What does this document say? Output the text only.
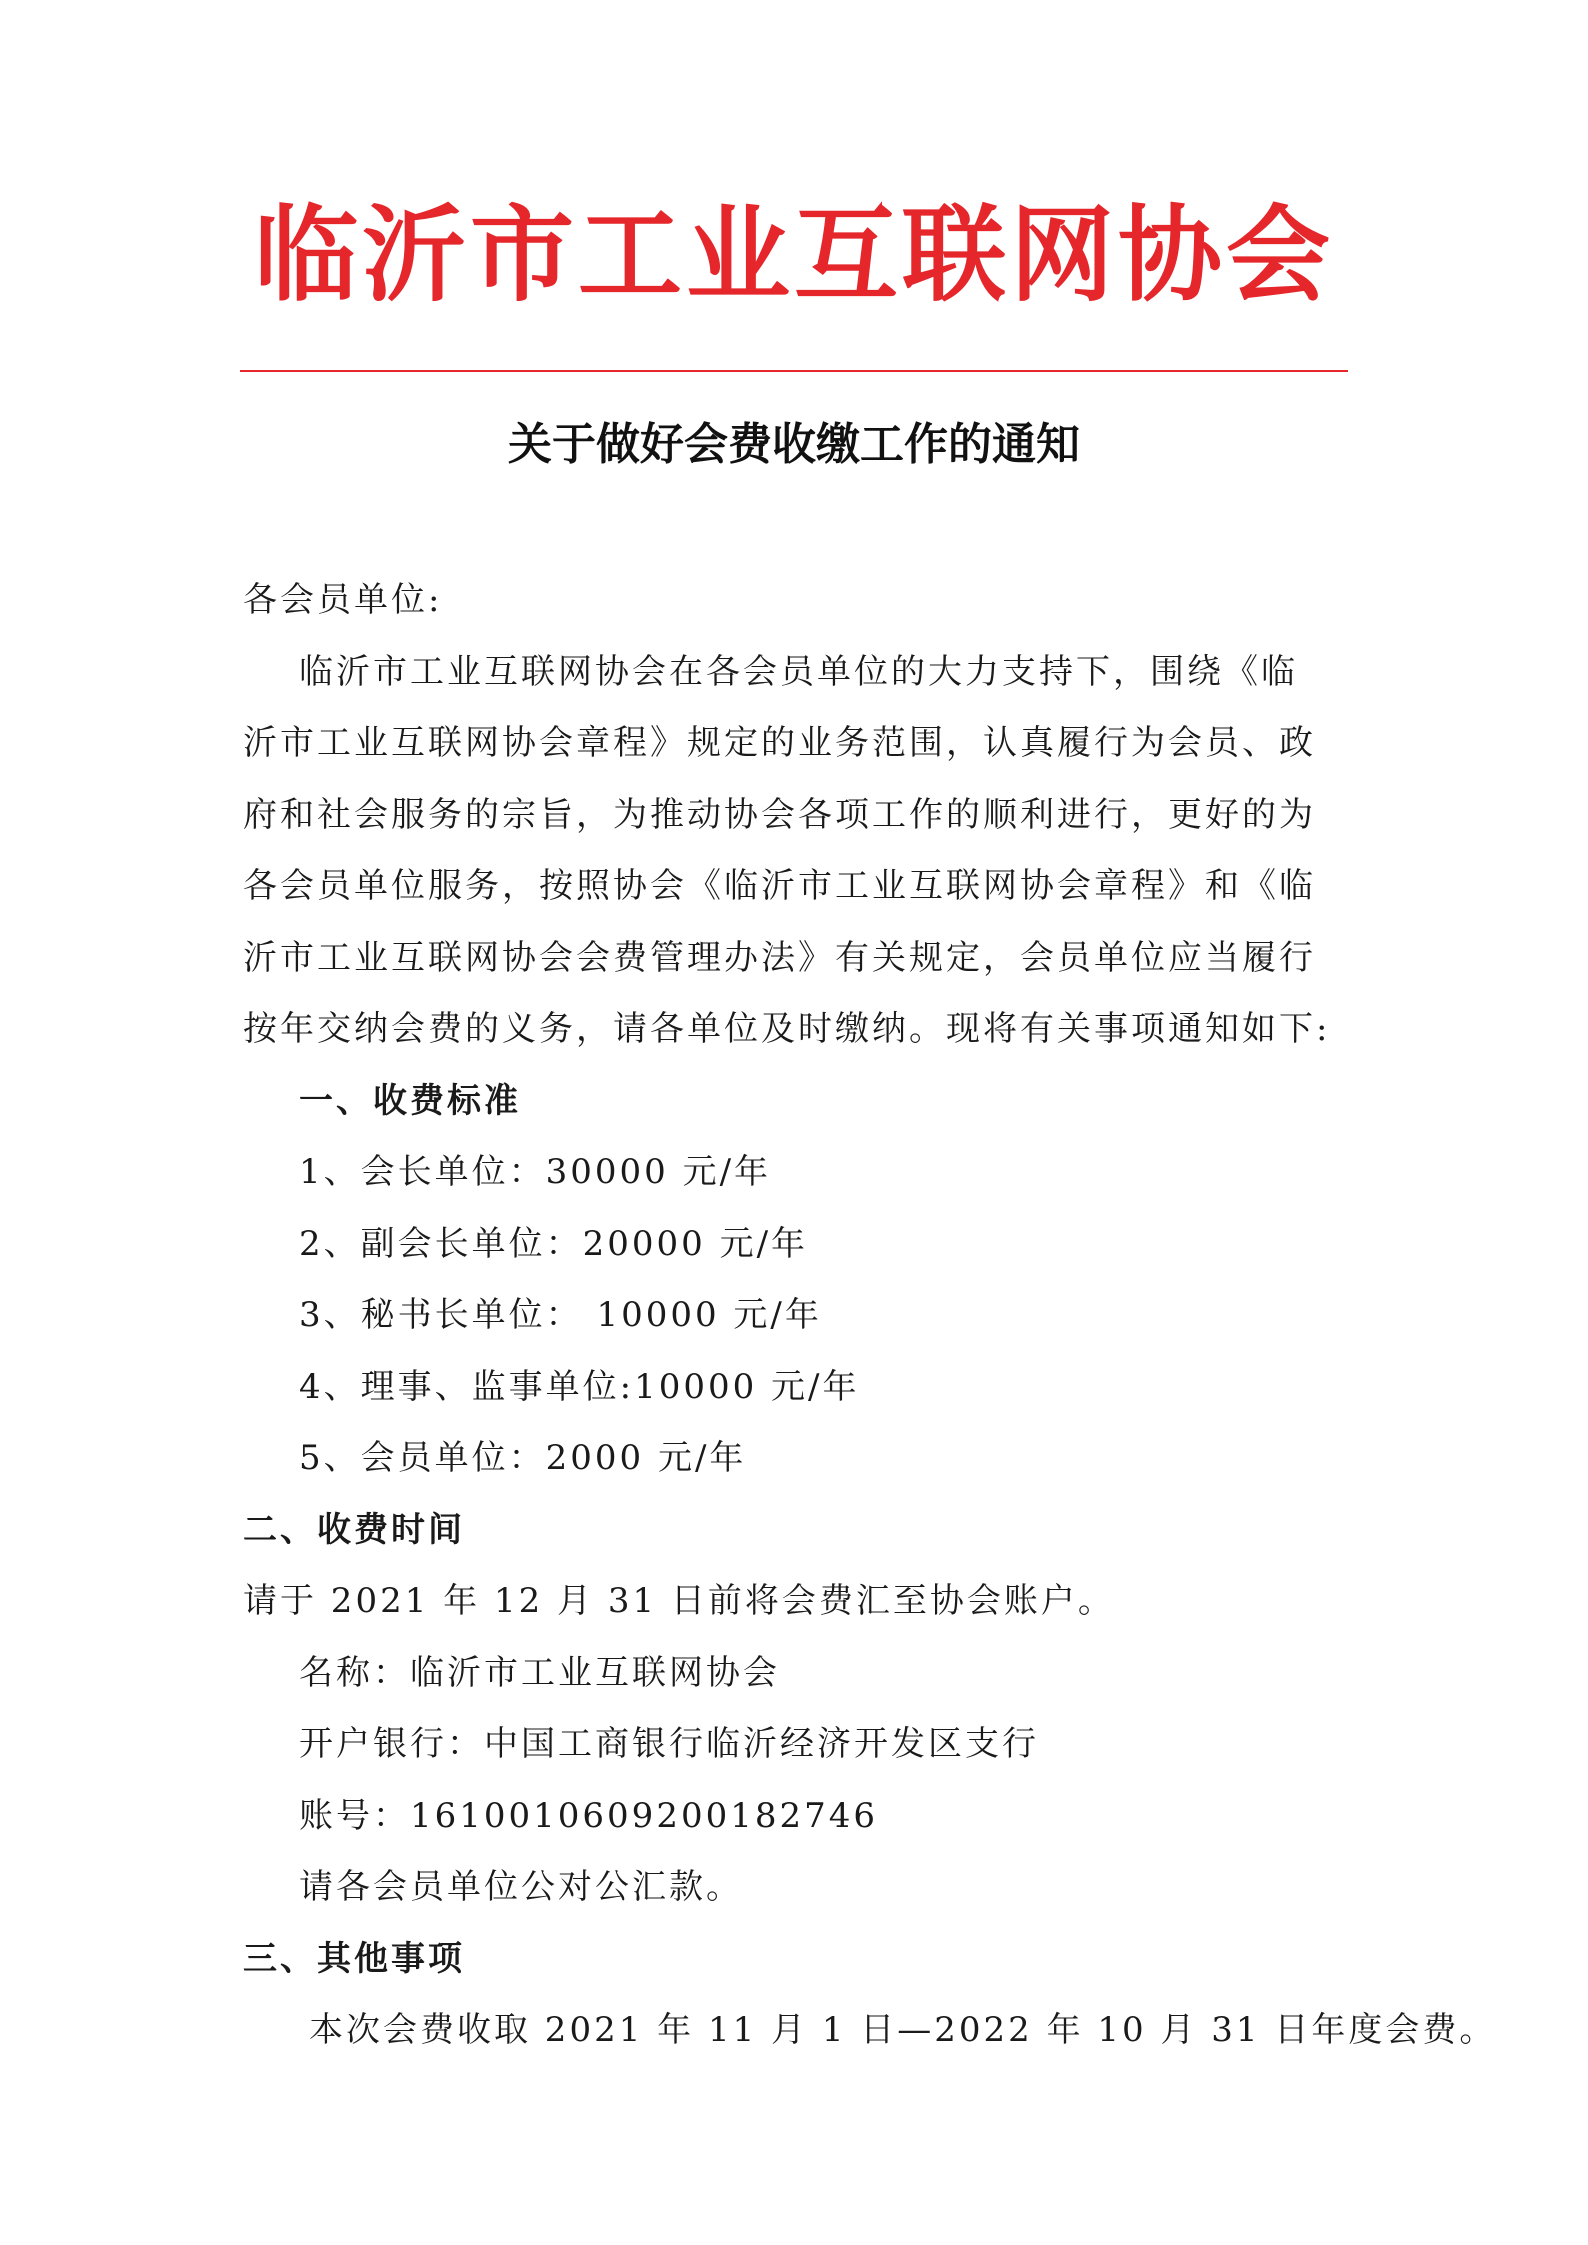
临沂市工业互联网协会
关于做好会费收缴工作的通知
各会员单位:
临沂市工业互联网协会在各会员单位的大力支持下，围绕《临
沂市工业互联网协会章程》规定的业务范围，认真履行为会员、政
府和社会服务的宗旨，为推动协会各项工作的顺利进行，更好的为
各会员单位服务，按照协会《临沂市工业互联网协会章程》和《临
沂市工业互联网协会会费管理办法》有关规定，会员单位应当履行
按年交纳会费的义务，请各单位及时缴纳。现将有关事项通知如下:
一、收费标准
1、会长单位：30000 元/年
2、副会长单位：20000 元/年
3、秘书长单位： 10000 元/年
4、理事、监事单位:10000 元/年
5、会员单位：2000 元/年
二、收费时间
请于 2021 年 12 月 31 日前将会费汇至协会账户。
名称：临沂市工业互联网协会
开户银行：中国工商银行临沂经济开发区支行
账号：1610010609200182746
请各会员单位公对公汇款。
三、其他事项
本次会费收取 2021 年 11 月 1 日—2022 年 10 月 31 日年度会费。
